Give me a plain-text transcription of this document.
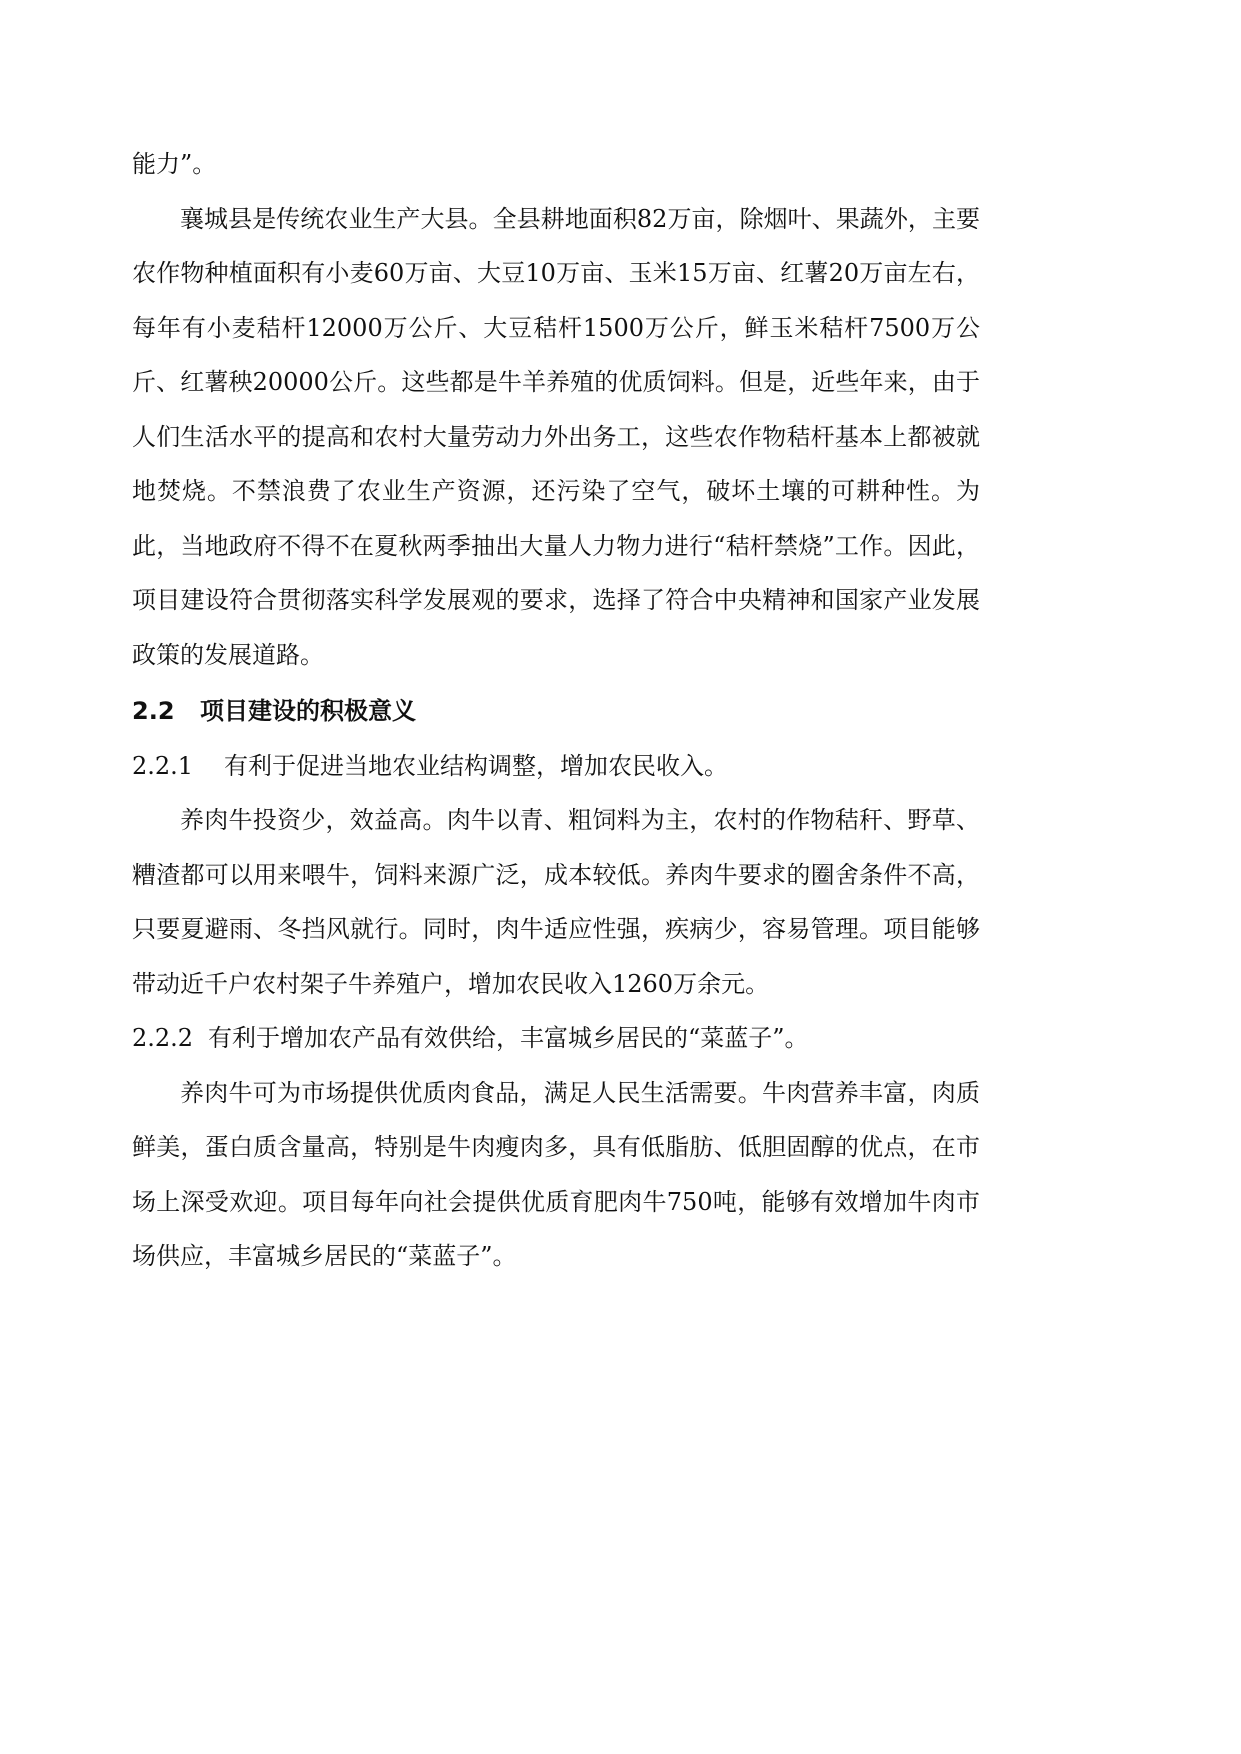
能力”。

襄城县是传统农业生产大县。全县耕地面积82万亩，除烟叶、果蔬外，主要农作物种植面积有小麦60万亩、大豆10万亩、玉米15万亩、红薯20万亩左右，每年有小麦秸杆12000万公斤、大豆秸杆1500万公斤，鲜玉米秸杆7500万公斤、红薯秧20000公斤。这些都是牛羊养殖的优质饲料。但是，近些年来，由于人们生活水平的提高和农村大量劳动力外出务工，这些农作物秸杆基本上都被就地焚烧。不禁浪费了农业生产资源，还污染了空气，破坏土壤的可耕种性。为此，当地政府不得不在夏秋两季抽出大量人力物力进行“秸杆禁烧”工作。因此，项目建设符合贯彻落实科学发展观的要求，选择了符合中央精神和国家产业发展政策的发展道路。

2.2 项目建设的积极意义

2.2.1 有利于促进当地农业结构调整，增加农民收入。

养肉牛投资少，效益高。肉牛以青、粗饲料为主，农村的作物秸秆、野草、糟渣都可以用来喂牛，饲料来源广泛，成本较低。养肉牛要求的圈舍条件不高，只要夏避雨、冬挡风就行。同时，肉牛适应性强，疾病少，容易管理。项目能够带动近千户农村架子牛养殖户，增加农民收入1260万余元。

2.2.2 有利于增加农产品有效供给，丰富城乡居民的“菜蓝子”。

养肉牛可为市场提供优质肉食品，满足人民生活需要。牛肉营养丰富，肉质鲜美，蛋白质含量高，特别是牛肉瘦肉多，具有低脂肪、低胆固醇的优点，在市场上深受欢迎。项目每年向社会提供优质育肥肉牛750吨，能够有效增加牛肉市场供应，丰富城乡居民的“菜蓝子”。
